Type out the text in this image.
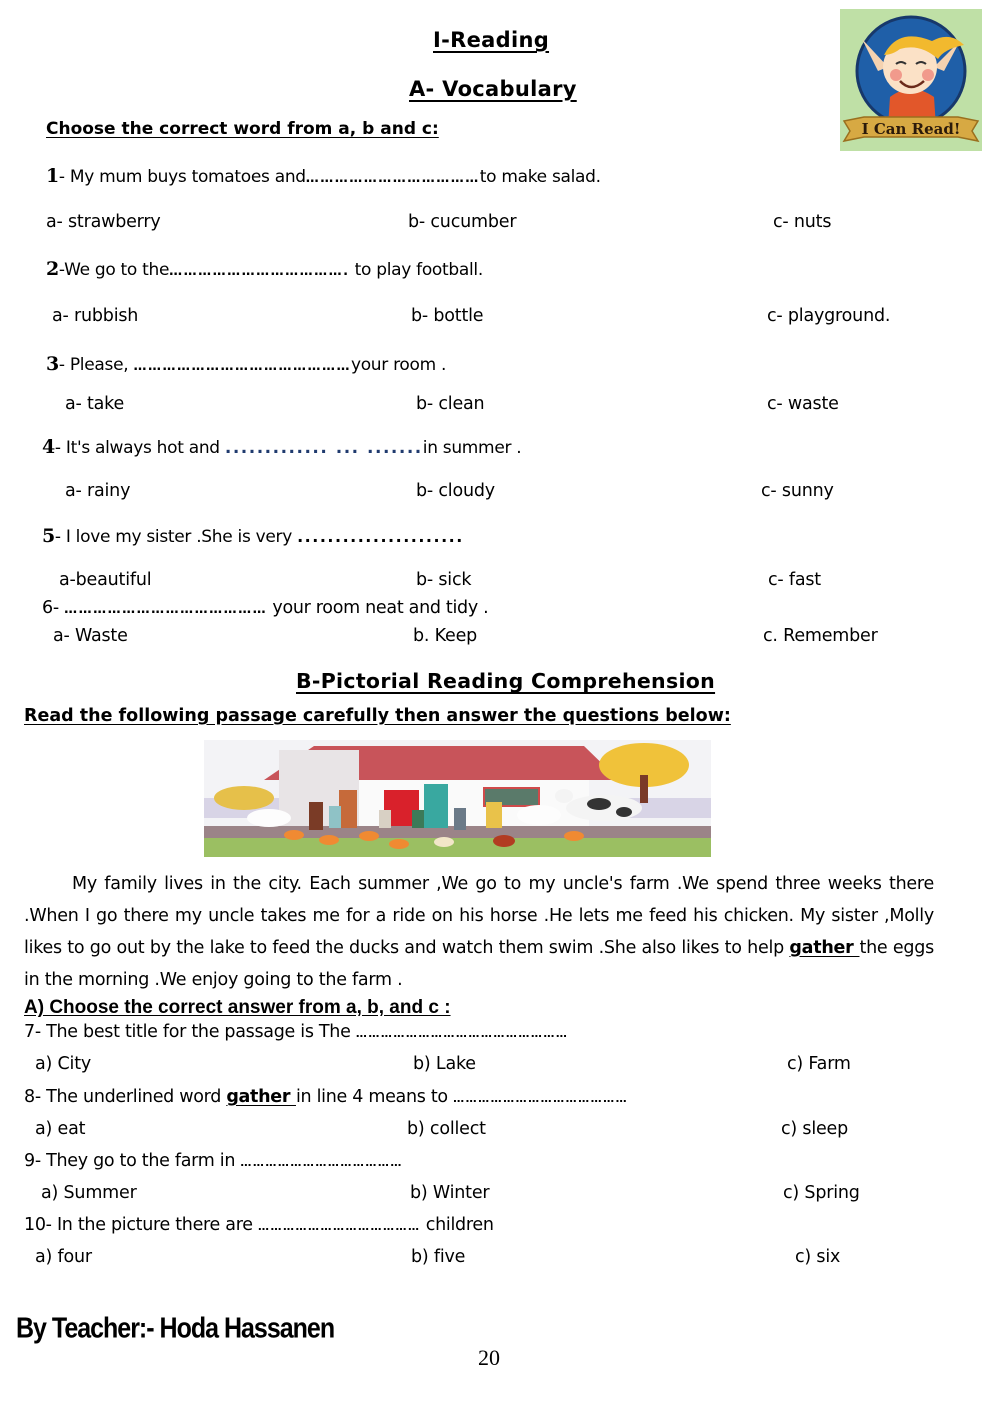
I-Reading
A- Vocabulary
Choose the correct word from a, b and c:	I Can Read!
1- My mum buys tomatoes and………………………………to make salad.
a- strawberry	b- cucumber	c- nuts
2-We go to the………………………………. to play football.
a- rubbish	b- bottle	c- playground.
3- Please, ………………………………………your room .
a- take	b- clean	c- waste
4- It's always hot and ............. ... .......in summer .
a- rainy	b- cloudy	c- sunny
5- I love my sister .She is very ......................
a-beautiful	b- sick	c- fast
6- …………………………………… your room neat and tidy .
a- Waste	b. Keep	c. Remember
B-Pictorial Reading Comprehension
Read the following passage carefully then answer the questions below:

My family lives in the city. Each summer ,We go to my uncle's farm .We spend three weeks there .When I go there my uncle takes me for a ride on his horse .He lets me feed his chicken. My sister ,Molly likes to go out by the lake to feed the ducks and watch them swim .She also likes to help gather the eggs in the morning .We enjoy going to the farm .

A) Choose the correct answer from a, b, and c :
7- The best title for the passage is The ……………………………………………
a) City	b) Lake	c) Farm
8- The underlined word gather in line 4 means to ……………………………………
a) eat	b) collect	c) sleep
9- They go to the farm in …………………………………
a) Summer	b) Winter	c) Spring
10- In the picture there are ………………………………… children
a) four	b) five	c) six
By Teacher:- Hoda Hassanen
20
